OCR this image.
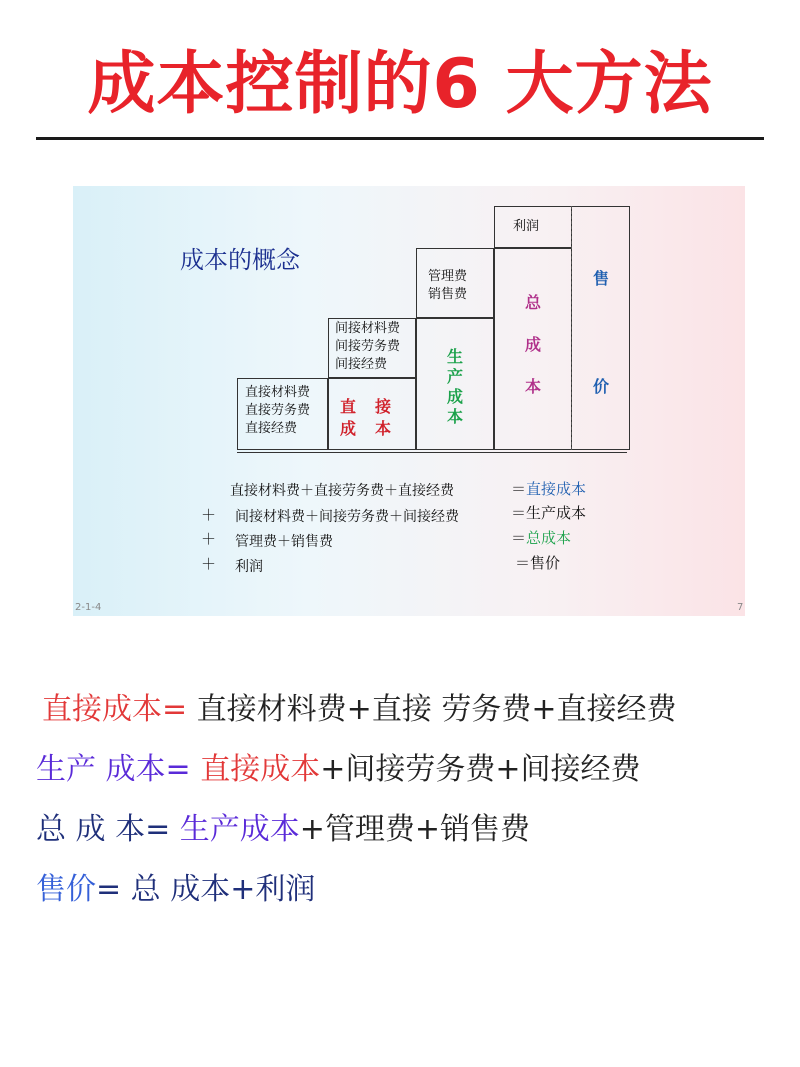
成本控制的6 大方法
成本的概念
直接材料费
直接劳务费
直接经费
直 接
成 本
间接材料费
间接劳务费
间接经费	生
产
成
本
管理费
销售费	总
成
本
利润
售
价
直接材料费＋直接劳务费＋直接经费	＝直接成本
＋ 间接材料费＋间接劳务费＋间接经费	＝生产成本
＋ 管理费＋销售费	＝总成本
＋ 利润	＝售价
2-1-4	7
直接成本= 直接材料费+直接 劳务费+直接经费
生产 成本= 直接成本+间接劳务费+间接经费
总 成 本= 生产成本+管理费+销售费
售价= 总 成本+利润
